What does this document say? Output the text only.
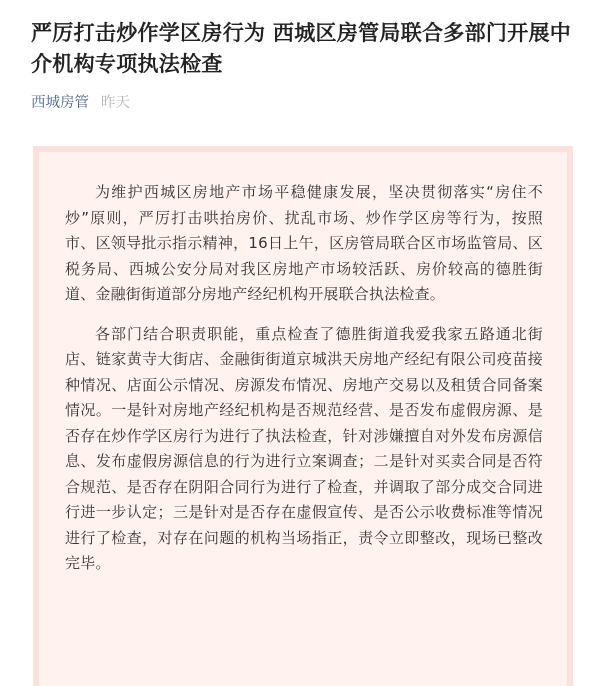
严厉打击炒作学区房行为 西城区房管局联合多部门开展中介机构专项执法检查
西城房管 昨天

为维护西城区房地产市场平稳健康发展，坚决贯彻落实“房住不炒”原则，严厉打击哄抬房价、扰乱市场、炒作学区房等行为，按照市、区领导批示指示精神，16日上午，区房管局联合区市场监管局、区税务局、西城公安分局对我区房地产市场较活跃、房价较高的德胜街道、金融街街道部分房地产经纪机构开展联合执法检查。

各部门结合职责职能，重点检查了德胜街道我爱我家五路通北街店、链家黄寺大街店、金融街街道京城洪天房地产经纪有限公司疫苗接种情况、店面公示情况、房源发布情况、房地产交易以及租赁合同备案情况。一是针对房地产经纪机构是否规范经营、是否发布虚假房源、是否存在炒作学区房行为进行了执法检查，针对涉嫌擅自对外发布房源信息、发布虚假房源信息的行为进行立案调查；二是针对买卖合同是否符合规范、是否存在阴阳合同行为进行了检查，并调取了部分成交合同进行进一步认定；三是针对是否存在虚假宣传、是否公示收费标准等情况进行了检查，对存在问题的机构当场指正，责令立即整改，现场已整改完毕。
